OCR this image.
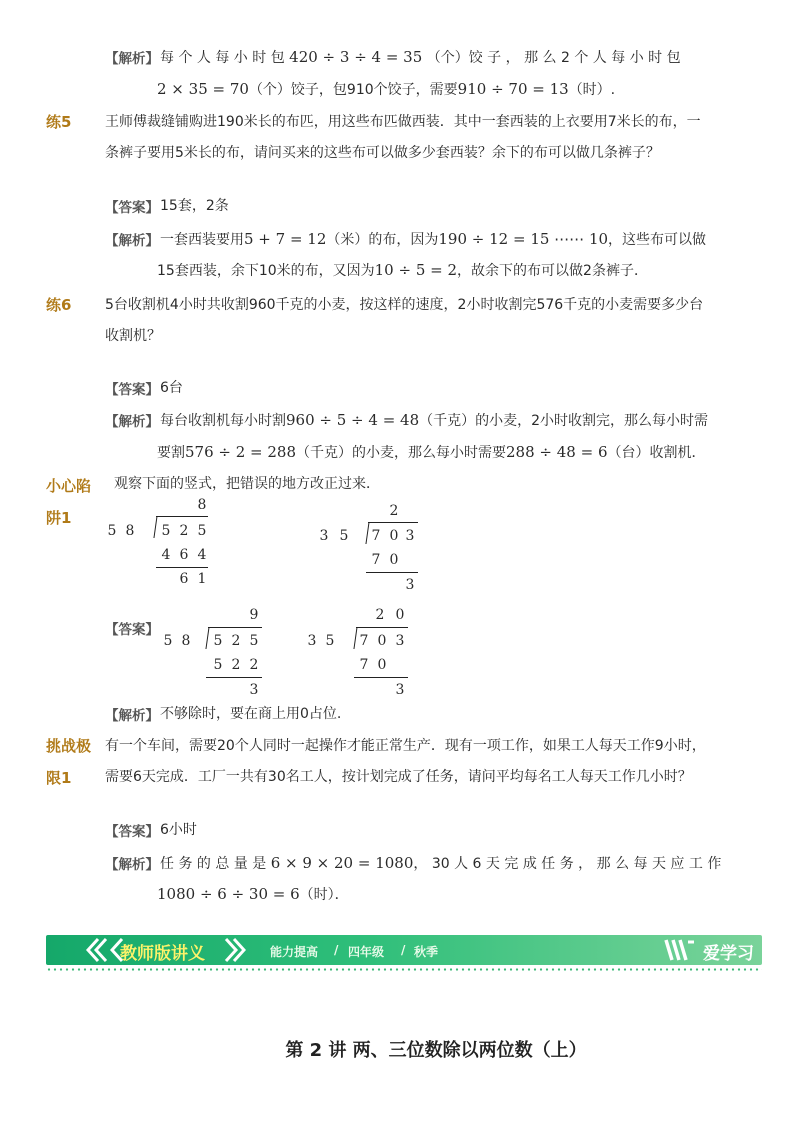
【解析】 每 个 人 每 小 时 包 420 ÷ 3 ÷ 4 = 35 （个）饺 子 ， 那 么 2 个 人 每 小 时 包
2 × 35 = 70（个）饺子，包910个饺子，需要910 ÷ 70 = 13（时）.
练5 王师傅裁缝铺购进190米长的布匹，用这些布匹做西装．其中一套西装的上衣要用7米长的布，一
条裤子要用5米长的布，请问买来的这些布可以做多少套西装？余下的布可以做几条裤子？
【答案】 15套，2条
【解析】 一套西装要用5 + 7 = 12（米）的布，因为190 ÷ 12 = 15 ⋯⋯ 10，这些布可以做
15套西装，余下10米的布，又因为10 ÷ 5 = 2，故余下的布可以做2条裤子．
练6 5台收割机4小时共收割960千克的小麦，按这样的速度，2小时收割完576千克的小麦需要多少台
收割机？
【答案】 6台
【解析】 每台收割机每小时割960 ÷ 5 ÷ 4 = 48（千克）的小麦，2小时收割完，那么每小时需
要割576 ÷ 2 = 288（千克）的小麦，那么每小时需要288 ÷ 48 = 6（台）收割机．
小心陷
阱1
观察下面的竖式，把错误的地方改正过来．
5 8
8
5 2 5
4 6 4
6 1
3 5
2
7 0 3
7 0
3
【答案】
5 8
9
5 2 5
5 2 2
3
3 5
2 0
7 0 3
7 0
3
【解析】 不够除时，要在商上用0占位.
挑战极
限1
有一个车间，需要20个人同时一起操作才能正常生产．现有一项工作，如果工人每天工作9小时，
需要6天完成．工厂一共有30名工人，按计划完成了任务，请问平均每名工人每天工作几小时？
【答案】 6小时
【解析】 任 务 的 总 量 是 6 × 9 × 20 = 1080， 30 人 6 天 完 成 任 务 ， 那 么 每 天 应 工 作
1080 ÷ 6 ÷ 30 = 6（时）．
教师版讲义	能力提高 / 四年级 / 秋季	爱学习
第 2 讲 两、三位数除以两位数（上）
